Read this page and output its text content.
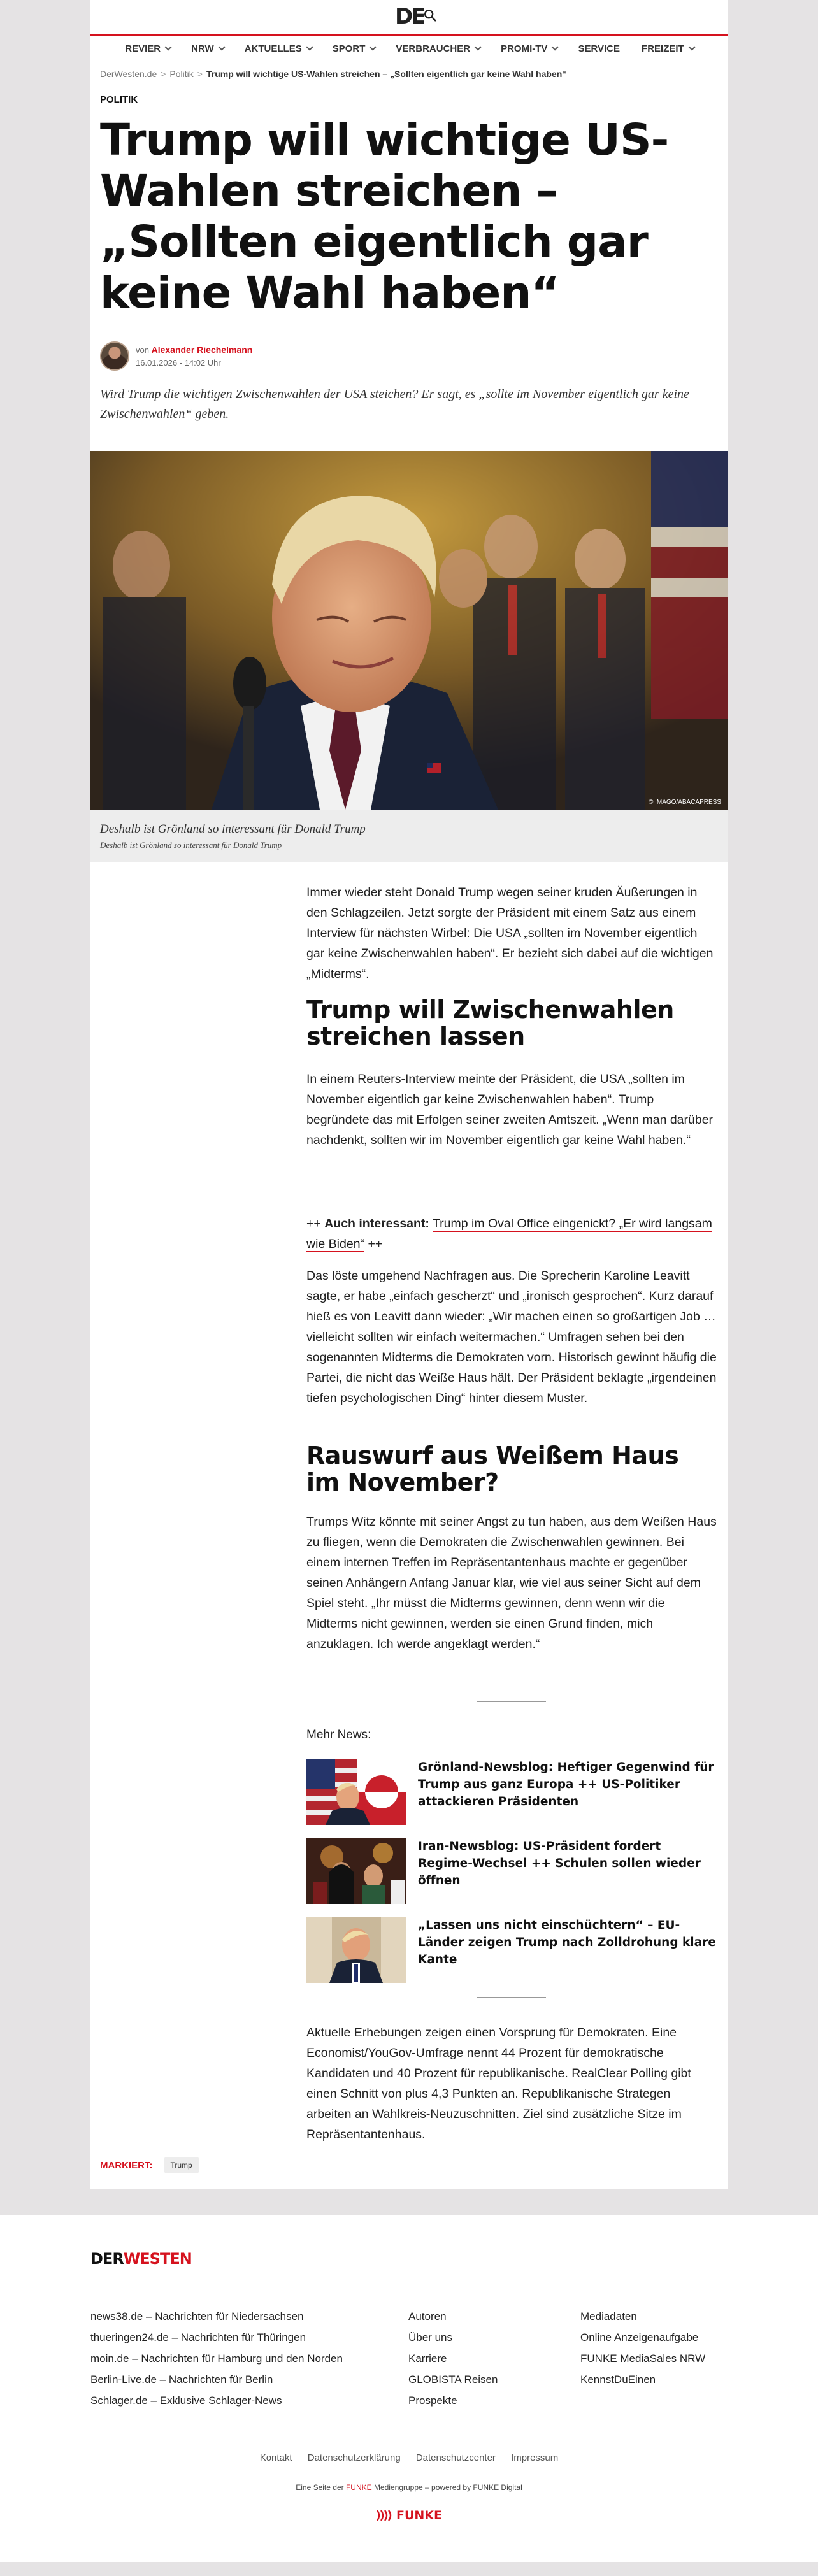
DE
REVIER	NRW	AKTUELLES	SPORT	VERBRAUCHER	PROMI-TV	SERVICE FREIZEIT
DerWesten.de > Politik > Trump will wichtige US-Wahlen streichen – „Sollten eigentlich gar keine Wahl haben“
POLITIK
Trump will wichtige US-Wahlen streichen – „Sollten eigentlich gar keine Wahl haben“
von Alexander Riechelmann
16.01.2026 - 14:02 Uhr
Wird Trump die wichtigen Zwischenwahlen der USA steichen? Er sagt, es „sollte im November eigentlich gar keine Zwischenwahlen“ geben.
© IMAGO/ABACAPRESS
Deshalb ist Grönland so interessant für Donald Trump
Deshalb ist Grönland so interessant für Donald Trump

Immer wieder steht Donald Trump wegen seiner kruden Äußerungen in den Schlagzeilen. Jetzt sorgte der Präsident mit einem Satz aus einem Interview für nächsten Wirbel: Die USA „sollten im November eigentlich gar keine Zwischenwahlen haben“. Er bezieht sich dabei auf die wichtigen „Midterms“.

Trump will Zwischenwahlen streichen lassen

In einem Reuters-Interview meinte der Präsident, die USA „sollten im November eigentlich gar keine Zwischenwahlen haben“. Trump begründete das mit Erfolgen seiner zweiten Amtszeit. „Wenn man darüber nachdenkt, sollten wir im November eigentlich gar keine Wahl haben.“

++ Auch interessant: Trump im Oval Office eingenickt? „Er wird langsam wie Biden“ ++

Das löste umgehend Nachfragen aus. Die Sprecherin Karoline Leavitt sagte, er habe „einfach gescherzt“ und „ironisch gesprochen“. Kurz darauf hieß es von Leavitt dann wieder: „Wir machen einen so großartigen Job … vielleicht sollten wir einfach weitermachen.“ Umfragen sehen bei den sogenannten Midterms die Demokraten vorn. Historisch gewinnt häufig die Partei, die nicht das Weiße Haus hält. Der Präsident beklagte „irgendeinen tiefen psychologischen Ding“ hinter diesem Muster.

Rauswurf aus Weißem Haus im November?

Trumps Witz könnte mit seiner Angst zu tun haben, aus dem Weißen Haus zu fliegen, wenn die Demokraten die Zwischenwahlen gewinnen. Bei einem internen Treffen im Repräsentantenhaus machte er gegenüber seinen Anhängern Anfang Januar klar, wie viel aus seiner Sicht auf dem Spiel steht. „Ihr müsst die Midterms gewinnen, denn wenn wir die Midterms nicht gewinnen, werden sie einen Grund finden, mich anzuklagen. Ich werde angeklagt werden.“

Mehr News:
Grönland-Newsblog: Heftiger Gegenwind für Trump aus ganz Europa ++ US-Politiker attackieren Präsidenten
Iran-Newsblog: US-Präsident fordert Regime-Wechsel ++ Schulen sollen wieder öffnen
„Lassen uns nicht einschüchtern“ – EU-Länder zeigen Trump nach Zolldrohung klare Kante

Aktuelle Erhebungen zeigen einen Vorsprung für Demokraten. Eine Economist/YouGov-Umfrage nennt 44 Prozent für demokratische Kandidaten und 40 Prozent für republikanische. RealClear Polling gibt einen Schnitt von plus 4,3 Punkten an. Republikanische Strategen arbeiten an Wahlkreis-Neuzuschnitten. Ziel sind zusätzliche Sitze im Repräsentantenhaus.

MARKIERT:	Trump
DERWESTEN
news38.de – Nachrichten für Niedersachsen
thueringen24.de – Nachrichten für Thüringen
moin.de – Nachrichten für Hamburg und den Norden
Berlin-Live.de – Nachrichten für Berlin
Schlager.de – Exklusive Schlager-News
Autoren
Über uns
Karriere
GLOBISTA Reisen
Prospekte
Mediadaten
Online Anzeigenaufgabe
FUNKE MediaSales NRW
KennstDuEinen
Kontakt Datenschutzerklärung Datenschutzcenter Impressum
Eine Seite der FUNKE Mediengruppe – powered by FUNKE Digital
FUNKE
